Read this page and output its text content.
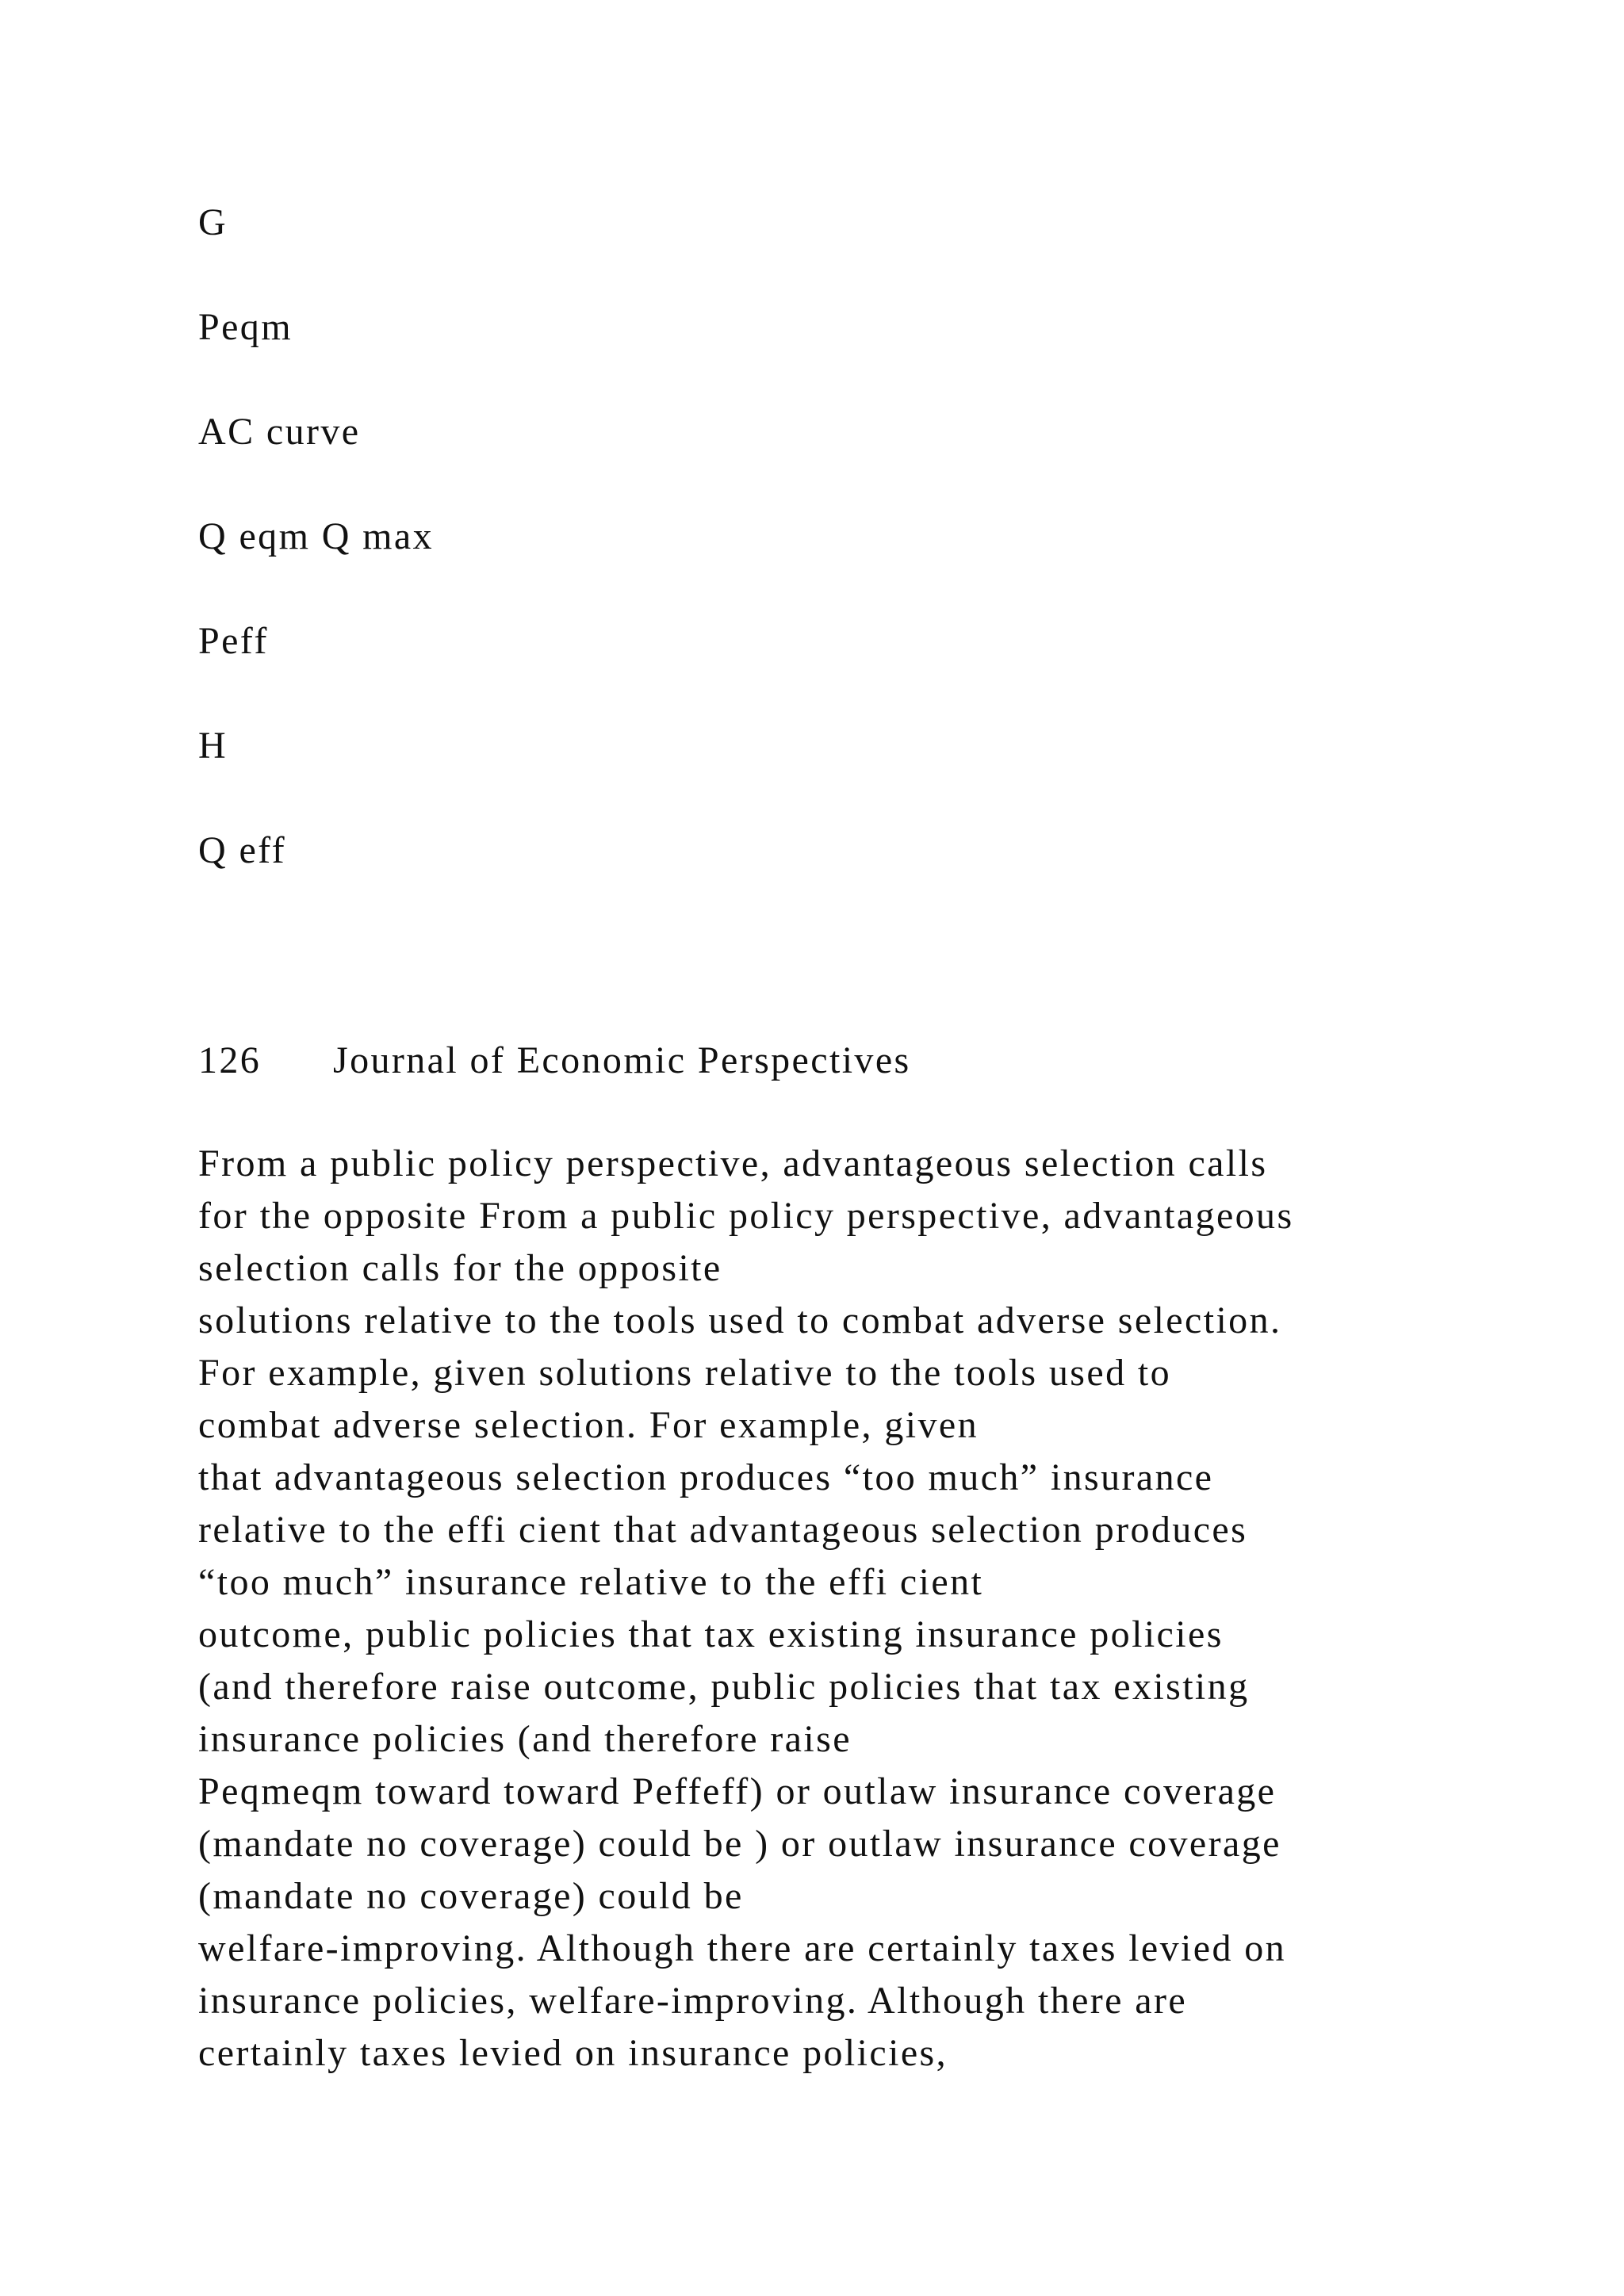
G

Peqm

AC curve

Q eqm Q max

Peff

H

Q eff

126 Journal of Economic Perspectives

From a public policy perspective, advantageous selection calls
for the opposite From a public policy perspective, advantageous
selection calls for the opposite
solutions relative to the tools used to combat adverse selection.
For example, given solutions relative to the tools used to
combat adverse selection. For example, given
that advantageous selection produces “too much” insurance
relative to the effi cient that advantageous selection produces
“too much” insurance relative to the effi cient
outcome, public policies that tax existing insurance policies
(and therefore raise outcome, public policies that tax existing
insurance policies (and therefore raise
Peqmeqm toward toward Peffeff) or outlaw insurance coverage
(mandate no coverage) could be ) or outlaw insurance coverage
(mandate no coverage) could be
welfare-improving. Although there are certainly taxes levied on
insurance policies, welfare-improving. Although there are
certainly taxes levied on insurance policies,
